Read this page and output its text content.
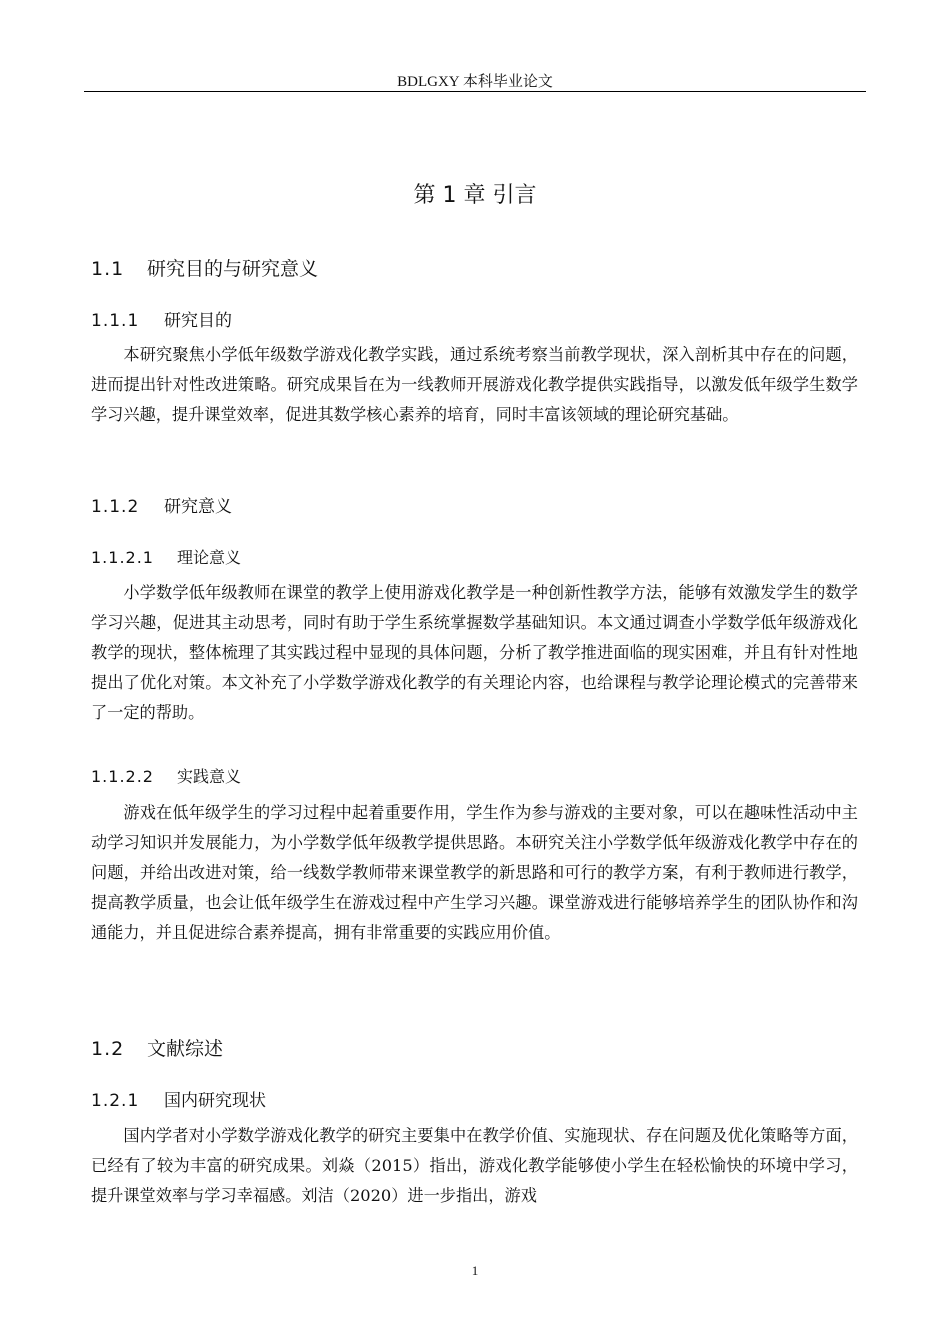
BDLGXY 本科毕业论文
第 1 章 引言
1.1 研究目的与研究意义
1.1.1 研究目的

本研究聚焦小学低年级数学游戏化教学实践，通过系统考察当前教学现状，深入剖析其中存在的问题，进而提出针对性改进策略。研究成果旨在为一线教师开展游戏化教学提供实践指导，以激发低年级学生数学学习兴趣，提升课堂效率，促进其数学核心素养的培育，同时丰富该领域的理论研究基础。

1.1.2 研究意义
1.1.2.1 理论意义

小学数学低年级教师在课堂的教学上使用游戏化教学是一种创新性教学方法，能够有效激发学生的数学学习兴趣，促进其主动思考，同时有助于学生系统掌握数学基础知识。本文通过调查小学数学低年级游戏化教学的现状，整体梳理了其实践过程中显现的具体问题，分析了教学推进面临的现实困难，并且有针对性地提出了优化对策。本文补充了小学数学游戏化教学的有关理论内容，也给课程与教学论理论模式的完善带来了一定的帮助。

1.1.2.2 实践意义

游戏在低年级学生的学习过程中起着重要作用，学生作为参与游戏的主要对象，可以在趣味性活动中主动学习知识并发展能力，为小学数学低年级教学提供思路。本研究关注小学数学低年级游戏化教学中存在的问题，并给出改进对策，给一线数学教师带来课堂教学的新思路和可行的教学方案，有利于教师进行教学，提高教学质量，也会让低年级学生在游戏过程中产生学习兴趣。课堂游戏进行能够培养学生的团队协作和沟通能力，并且促进综合素养提高，拥有非常重要的实践应用价值。

1.2 文献综述
1.2.1 国内研究现状

国内学者对小学数学游戏化教学的研究主要集中在教学价值、实施现状、存在问题及优化策略等方面，已经有了较为丰富的研究成果。刘焱（2015）指出，游戏化教学能够使小学生在轻松愉快的环境中学习，提升课堂效率与学习幸福感。刘洁（2020）进一步指出，游戏

1
